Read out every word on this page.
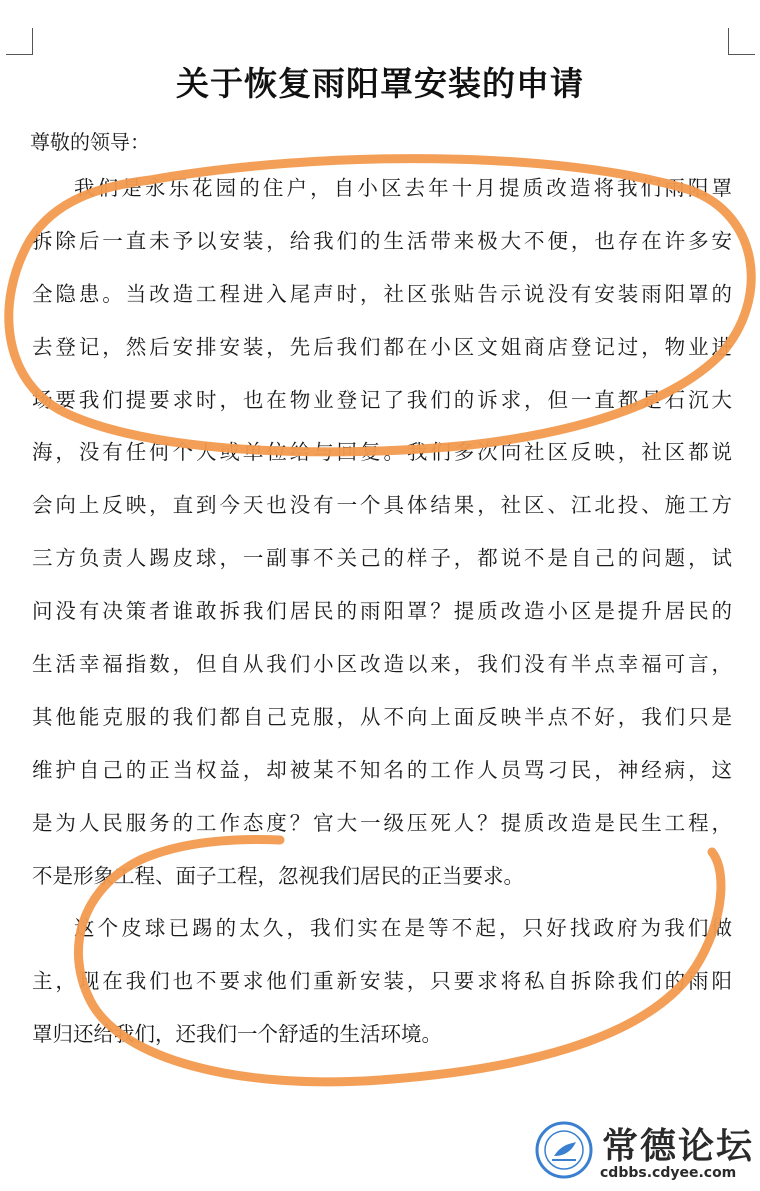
关于恢复雨阳罩安装的申请

尊敬的领导：

我们是永乐花园的住户，自小区去年十月提质改造将我们雨阳罩
拆除后一直未予以安装，给我们的生活带来极大不便，也存在许多安
全隐患。当改造工程进入尾声时，社区张贴告示说没有安装雨阳罩的
去登记，然后安排安装，先后我们都在小区文姐商店登记过，物业进
场要我们提要求时，也在物业登记了我们的诉求，但一直都是石沉大
海，没有任何个人或单位给与回复。我们多次向社区反映，社区都说
会向上反映，直到今天也没有一个具体结果，社区、江北投、施工方
三方负责人踢皮球，一副事不关己的样子，都说不是自己的问题，试
问没有决策者谁敢拆我们居民的雨阳罩？提质改造小区是提升居民的
生活幸福指数，但自从我们小区改造以来，我们没有半点幸福可言，
其他能克服的我们都自己克服，从不向上面反映半点不好，我们只是
维护自己的正当权益，却被某不知名的工作人员骂刁民，神经病，这
是为人民服务的工作态度？官大一级压死人？提质改造是民生工程，
不是形象工程、面子工程，忽视我们居民的正当要求。
这个皮球已踢的太久，我们实在是等不起，只好找政府为我们做
主，现在我们也不要求他们重新安装，只要求将私自拆除我们的雨阳
罩归还给我们，还我们一个舒适的生活环境。
常德论坛
cdbbs.cdyee.com
